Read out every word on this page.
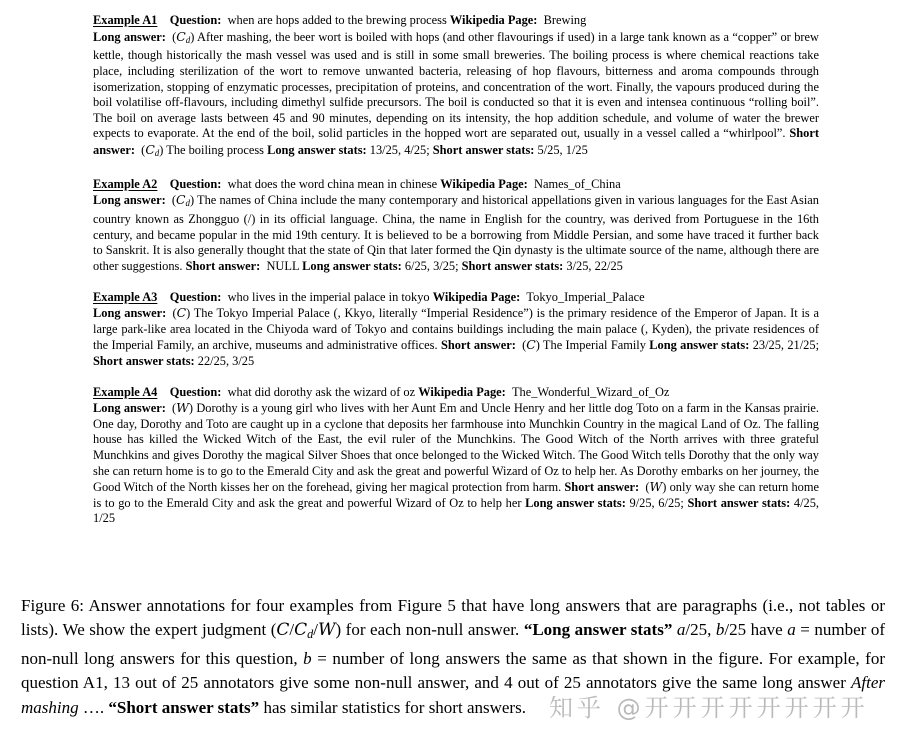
Example A1  Question: when are hops added to the brewing process Wikipedia Page: Brewing
Long answer: (Cd) After mashing, the beer wort is boiled with hops (and other flavourings if used) in a large tank known as a “copper” or brew kettle, though historically the mash vessel was used and is still in some small breweries. The boiling process is where chemical reactions take place, including sterilization of the wort to remove unwanted bacteria, releasing of hop flavours, bitterness and aroma compounds through isomerization, stopping of enzymatic processes, precipitation of proteins, and concentration of the wort. Finally, the vapours produced during the boil volatilise off-flavours, including dimethyl sulfide precursors. The boil is conducted so that it is even and intensea continuous “rolling boil”. The boil on average lasts between 45 and 90 minutes, depending on its intensity, the hop addition schedule, and volume of water the brewer expects to evaporate. At the end of the boil, solid particles in the hopped wort are separated out, usually in a vessel called a “whirlpool”. Short answer: (Cd) The boiling process Long answer stats: 13/25, 4/25; Short answer stats: 5/25, 1/25
Example A2  Question: what does the word china mean in chinese Wikipedia Page: Names_of_China
Long answer: (Cd) The names of China include the many contemporary and historical appellations given in various languages for the East Asian country known as Zhongguo (/) in its official language. China, the name in English for the country, was derived from Portuguese in the 16th century, and became popular in the mid 19th century. It is believed to be a borrowing from Middle Persian, and some have traced it further back to Sanskrit. It is also generally thought that the state of Qin that later formed the Qin dynasty is the ultimate source of the name, although there are other suggestions. Short answer: NULL Long answer stats: 6/25, 3/25; Short answer stats: 3/25, 22/25
Example A3  Question: who lives in the imperial palace in tokyo Wikipedia Page: Tokyo_Imperial_Palace
Long answer: (C) The Tokyo Imperial Palace (, Kkyo, literally “Imperial Residence”) is the primary residence of the Emperor of Japan. It is a large park-like area located in the Chiyoda ward of Tokyo and contains buildings including the main palace (, Kyden), the private residences of the Imperial Family, an archive, museums and administrative offices. Short answer: (C) The Imperial Family Long answer stats: 23/25, 21/25; Short answer stats: 22/25, 3/25
Example A4  Question: what did dorothy ask the wizard of oz Wikipedia Page: The_Wonderful_Wizard_of_Oz
Long answer: (W) Dorothy is a young girl who lives with her Aunt Em and Uncle Henry and her little dog Toto on a farm in the Kansas prairie. One day, Dorothy and Toto are caught up in a cyclone that deposits her farmhouse into Munchkin Country in the magical Land of Oz. The falling house has killed the Wicked Witch of the East, the evil ruler of the Munchkins. The Good Witch of the North arrives with three grateful Munchkins and gives Dorothy the magical Silver Shoes that once belonged to the Wicked Witch. The Good Witch tells Dorothy that the only way she can return home is to go to the Emerald City and ask the great and powerful Wizard of Oz to help her. As Dorothy embarks on her journey, the Good Witch of the North kisses her on the forehead, giving her magical protection from harm. Short answer: (W) only way she can return home is to go to the Emerald City and ask the great and powerful Wizard of Oz to help her Long answer stats: 9/25, 6/25; Short answer stats: 4/25, 1/25

Figure 6: Answer annotations for four examples from Figure 5 that have long answers that are paragraphs (i.e., not tables or lists). We show the expert judgment (C/Cd/W) for each non-null answer. “Long answer stats” a/25, b/25 have a = number of non-null long answers for this question, b = number of long answers the same as that shown in the figure. For example, for question A1, 13 out of 25 annotators give some non-null answer, and 4 out of 25 annotators give the same long answer After mashing …. “Short answer stats” has similar statistics for short answers. 知乎 @开开开开开开开开
